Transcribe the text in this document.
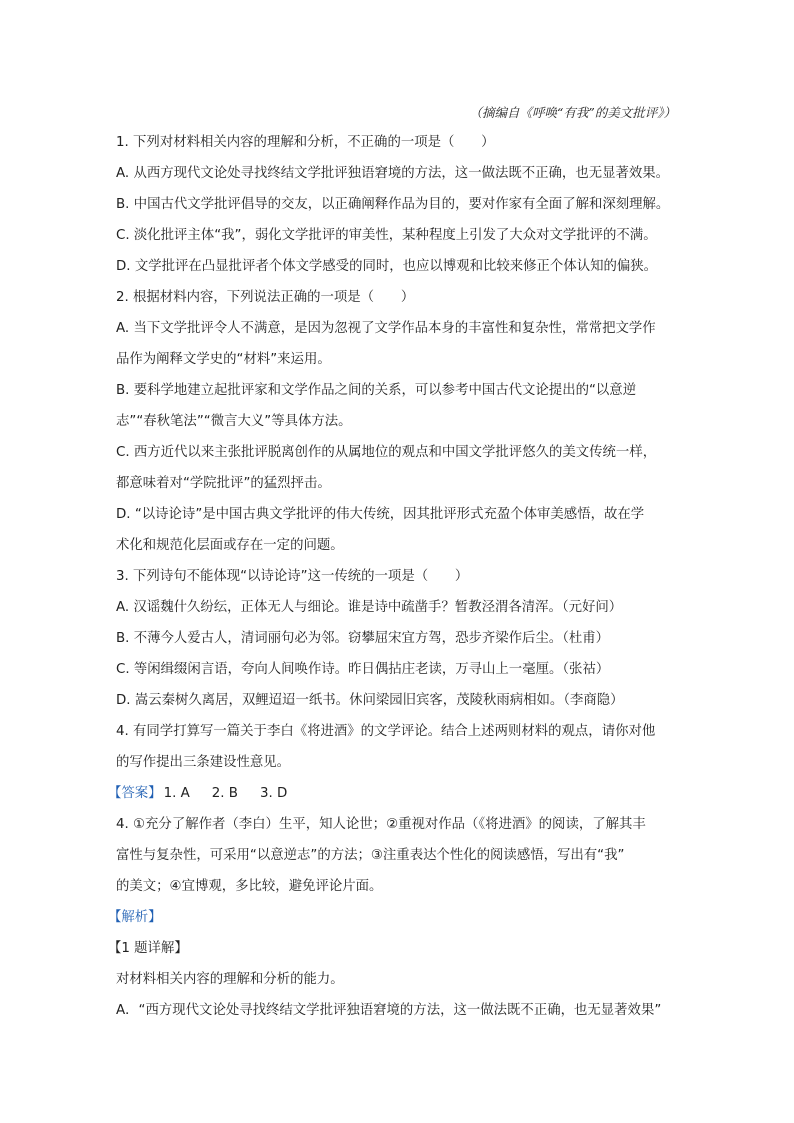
（摘编自《呼唤“有我”的美文批评》）
1. 下列对材料相关内容的理解和分析，不正确的一项是（　　）
A. 从西方现代文论处寻找终结文学批评独语窘境的方法，这一做法既不正确，也无显著效果。
B. 中国古代文学批评倡导的交友，以正确阐释作品为目的，要对作家有全面了解和深刻理解。
C. 淡化批评主体“我”，弱化文学批评的审美性，某种程度上引发了大众对文学批评的不满。
D. 文学批评在凸显批评者个体文学感受的同时，也应以博观和比较来修正个体认知的偏狭。
2. 根据材料内容，下列说法正确的一项是（　　）
A. 当下文学批评令人不满意，是因为忽视了文学作品本身的丰富性和复杂性，常常把文学作
品作为阐释文学史的“材料”来运用。
B. 要科学地建立起批评家和文学作品之间的关系，可以参考中国古代文论提出的“以意逆
志”“春秋笔法”“微言大义”等具体方法。
C. 西方近代以来主张批评脱离创作的从属地位的观点和中国文学批评悠久的美文传统一样，
都意味着对“学院批评”的猛烈抨击。
D. “以诗论诗”是中国古典文学批评的伟大传统，因其批评形式充盈个体审美感悟，故在学
术化和规范化层面或存在一定的问题。
3. 下列诗句不能体现“以诗论诗”这一传统的一项是（　　）
A. 汉谣魏什久纷纭，正体无人与细论。谁是诗中疏凿手？暂教泾渭各清浑。（元好问）
B. 不薄今人爱古人，清词丽句必为邻。窃攀屈宋宜方驾，恐步齐梁作后尘。（杜甫）
C. 等闲缉缀闲言语，夸向人间唤作诗。昨日偶拈庄老读，万寻山上一毫厘。（张祜）
D. 嵩云秦树久离居，双鲤迢迢一纸书。休问梁园旧宾客，茂陵秋雨病相如。（李商隐）
4. 有同学打算写一篇关于李白《将进酒》的文学评论。结合上述两则材料的观点，请你对他
的写作提出三条建设性意见。
【答案】 1. A 2. B 3. D
4. ①充分了解作者（李白）生平，知人论世；②重视对作品（《将进酒》的阅读，了解其丰
富性与复杂性，可采用“以意逆志”的方法；③注重表达个性化的阅读感悟，写出有“我”
的美文；④宜博观，多比较，避免评论片面。
【解析】
【1 题详解】
对材料相关内容的理解和分析的能力。
A．“西方现代文论处寻找终结文学批评独语窘境的方法，这一做法既不正确，也无显著效果”
